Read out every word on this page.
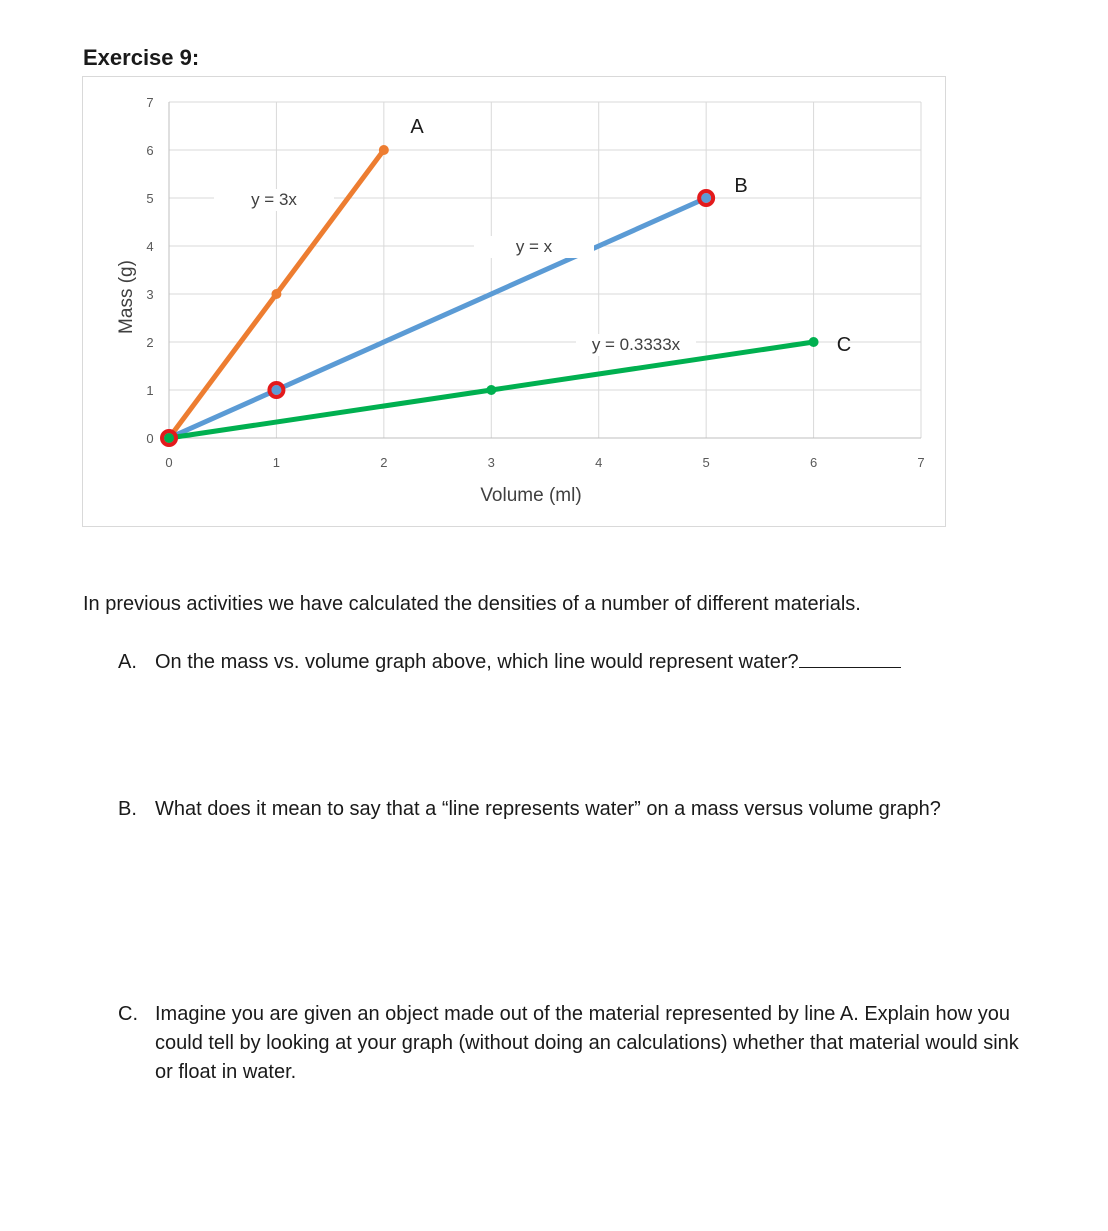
Exercise 9:
0	1	2	3	4	5	6	7
0
1
2
3
4
5
6
7
Volume (ml)
Mass (g)
y = 3x
y = x
y = 0.3333x
A
B
C
In previous activities we have calculated the densities of a number of different materials.
A. On the mass vs. volume graph above, which line would represent water?
B. What does it mean to say that a “line represents water” on a mass versus volume graph?
C. Imagine you are given an object made out of the material represented by line A. Explain how you could tell by looking at your graph (without doing an calculations) whether that material would sink or float in water.
